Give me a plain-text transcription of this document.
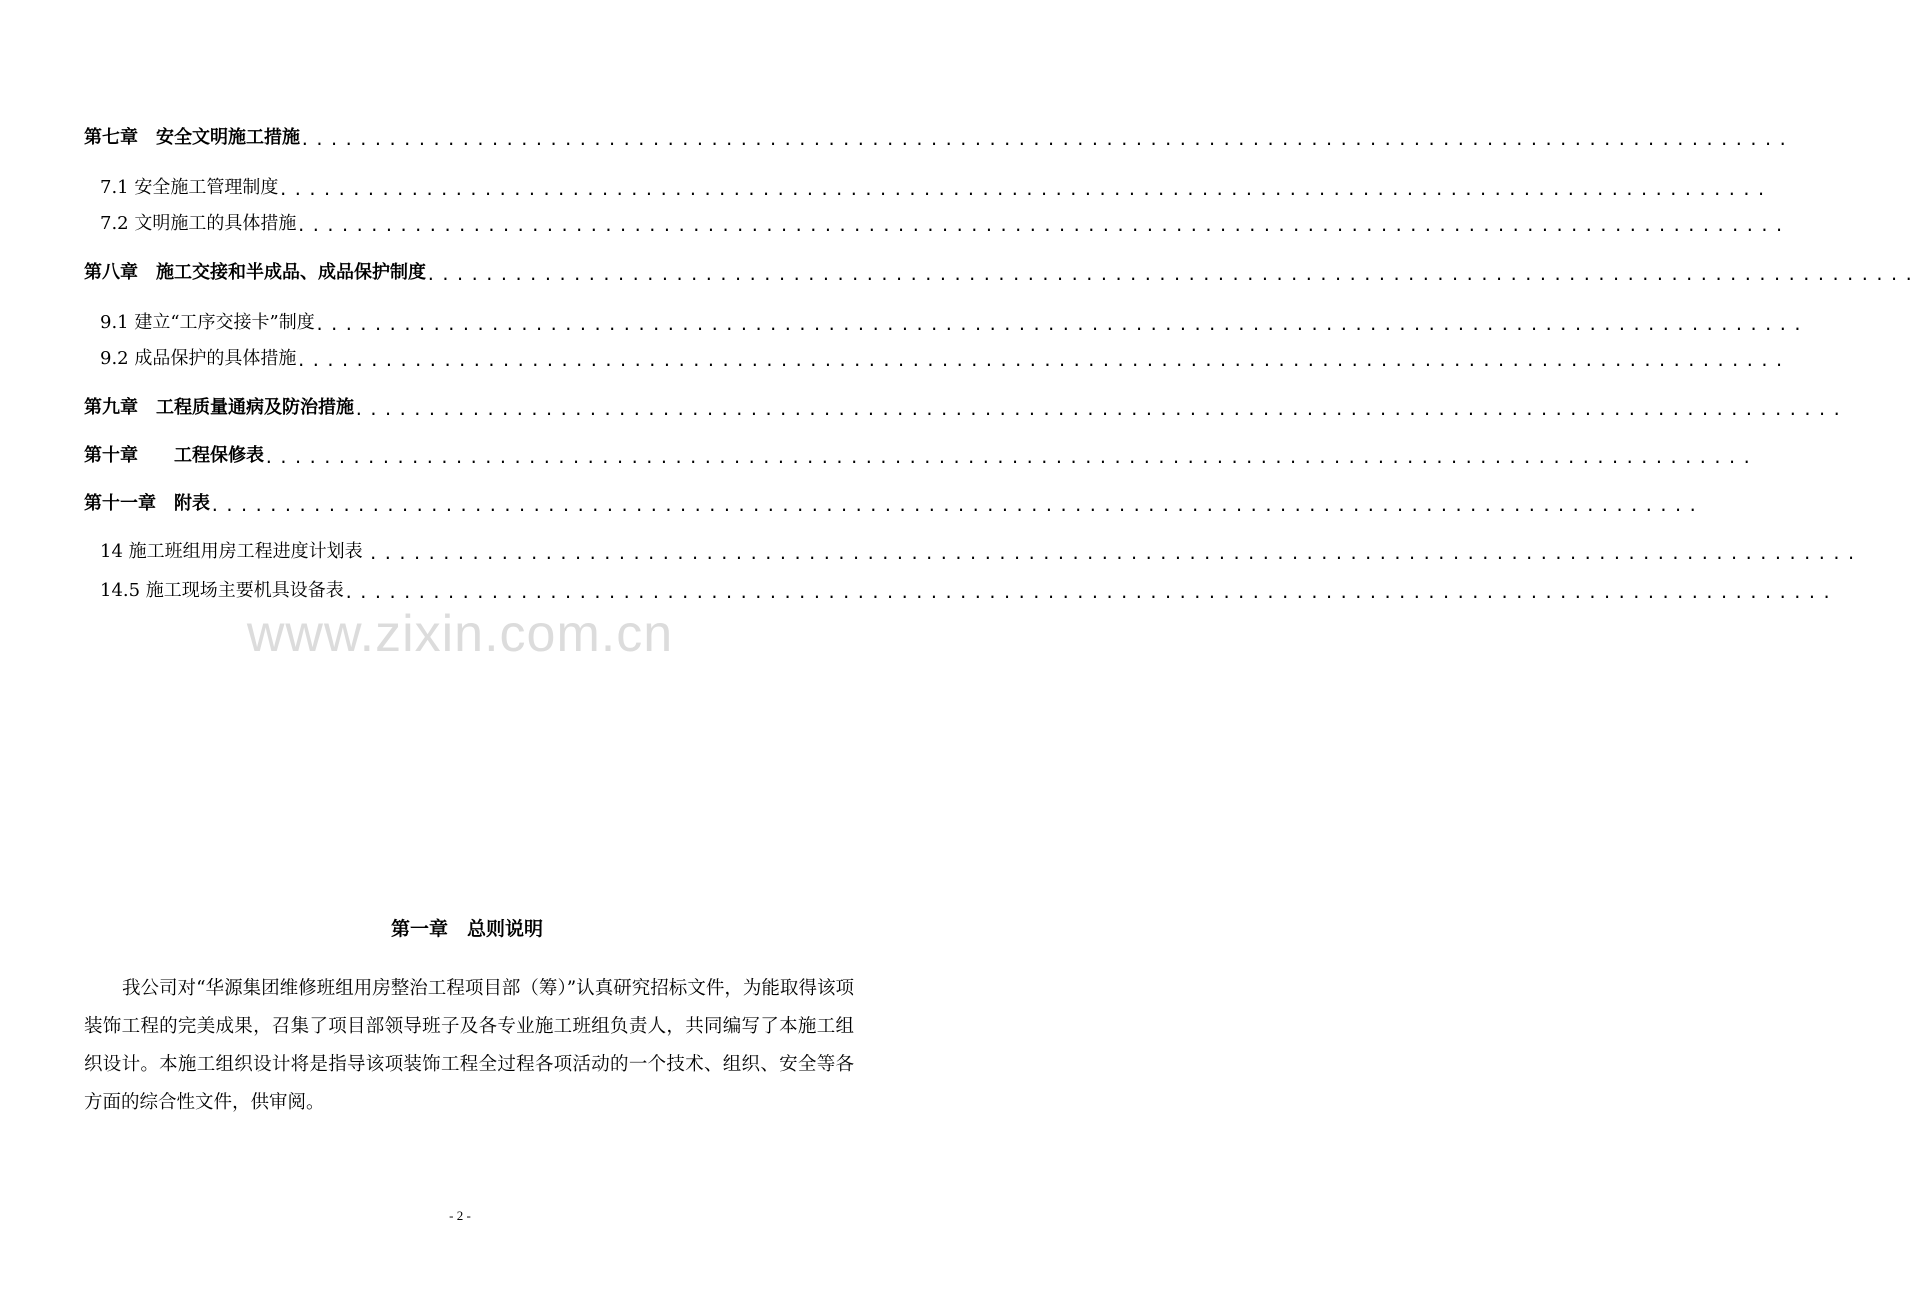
第七章　安全文明施工措施 ......................................................................................................
7.1 安全施工管理制度 ......................................................................................................
7.2 文明施工的具体措施 ......................................................................................................
第八章　施工交接和半成品、成品保护制度 ......................................................................................................
9.1 建立“工序交接卡”制度 ......................................................................................................
9.2 成品保护的具体措施 ......................................................................................................
第九章　工程质量通病及防治措施 ......................................................................................................
第十章　　工程保修表 ......................................................................................................
第十一章　附表 ......................................................................................................
14 施工班组用房工程进度计划表 ......................................................................................................
14.5 施工现场主要机具设备表 ......................................................................................................
www.zixin.com.cn
第一章　总则说明

我公司对“华源集团维修班组用房整治工程项目部（筹）”认真研究招标文件，为能取得该项装饰工程的完美成果，召集了项目部领导班子及各专业施工班组负责人，共同编写了本施工组织设计。本施工组织设计将是指导该项装饰工程全过程各项活动的一个技术、组织、安全等各方面的综合性文件，供审阅。

- 2 -
